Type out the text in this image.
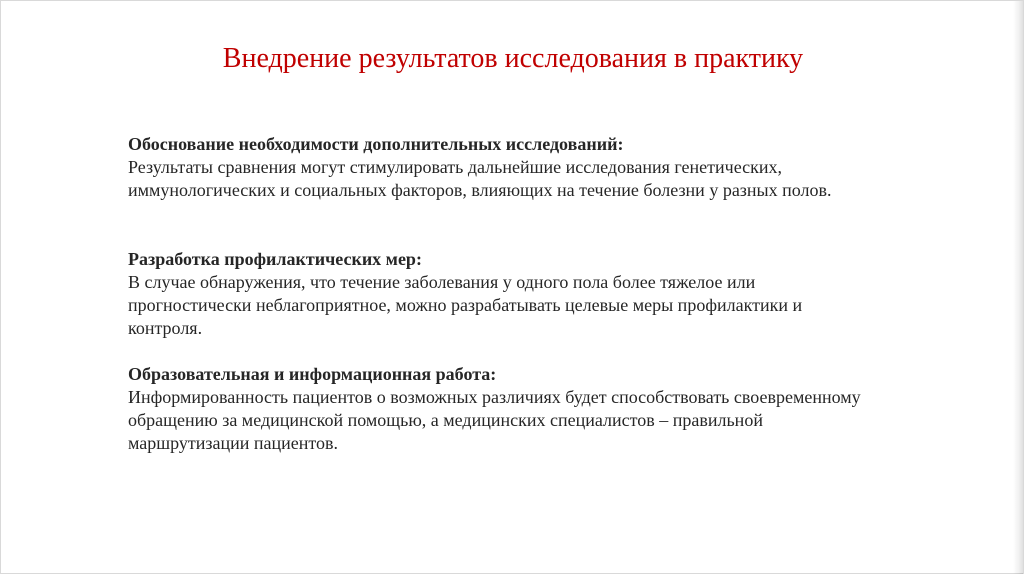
Внедрение результатов исследования в практику
Обоснование необходимости дополнительных исследований:
Результаты сравнения могут стимулировать дальнейшие исследования генетических,
иммунологических и социальных факторов, влияющих на течение болезни у разных полов.
Разработка профилактических мер:
В случае обнаружения, что течение заболевания у одного пола более тяжелое или
прогностически неблагоприятное, можно разрабатывать целевые меры профилактики и
контроля.
Образовательная и информационная работа:
Информированность пациентов о возможных различиях будет способствовать своевременному
обращению за медицинской помощью, а медицинских специалистов – правильной
маршрутизации пациентов.
